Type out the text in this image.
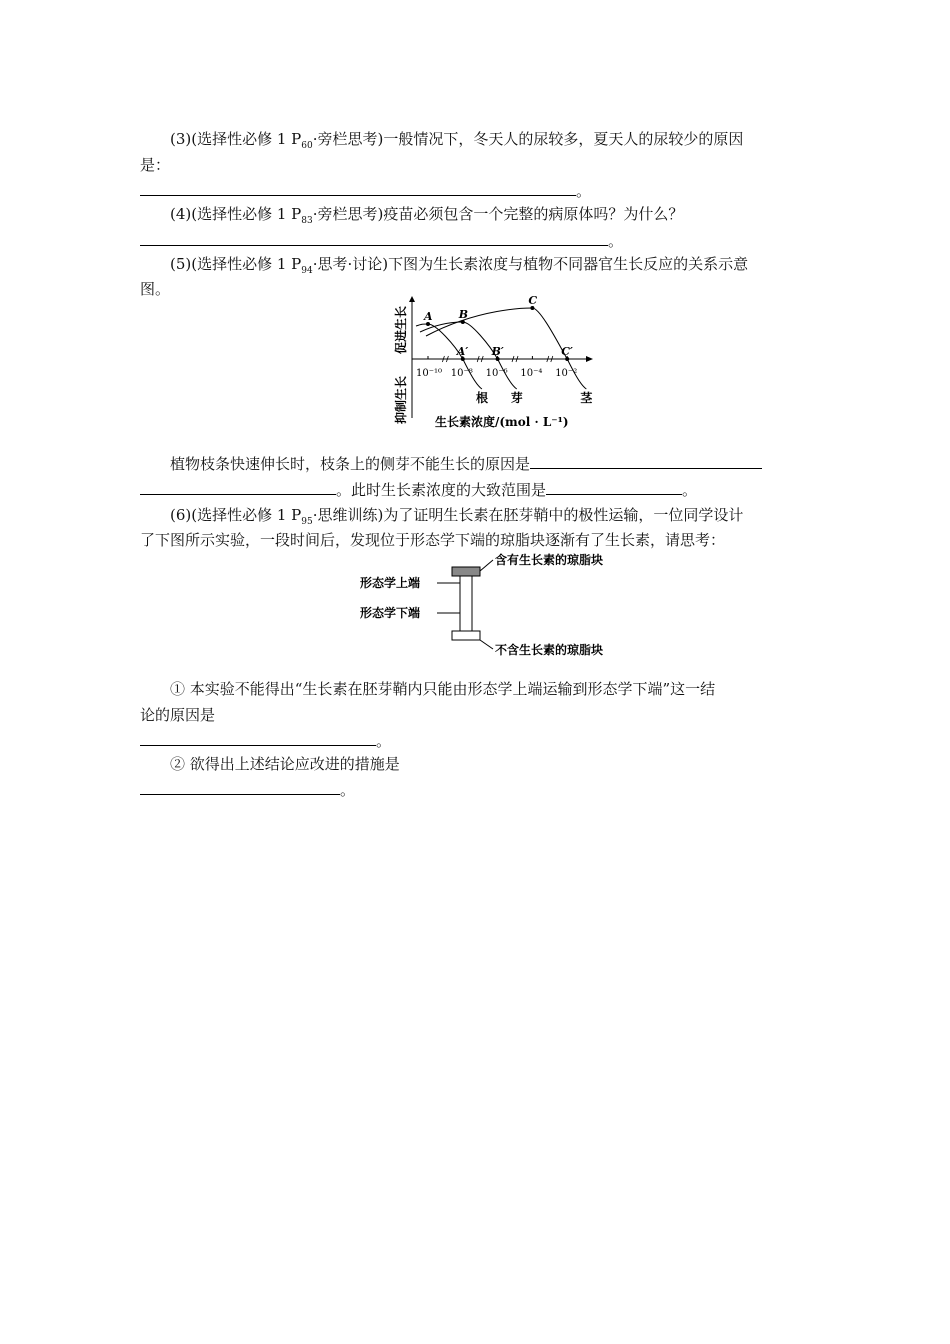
(3)(选择性必修 1 $P_{60}\cdot$旁栏思考)一般情况下，冬天人的尿较多，夏天人的尿较少的原因
是：
。
(4)(选择性必修 1 $P_{83}\cdot$旁栏思考)疫苗必须包含一个完整的病原体吗？为什么？
。
(5)(选择性必修 1 $P_{94}\cdot$思考·讨论)下图为生长素浓度与植物不同器官生长反应的关系示意
图。
10⁻¹⁰ 10⁻⁸ 10⁻⁶ 10⁻⁴ 10⁻²
A
A′
根
B
B′
芽
C
C′
茎
促进生长
抑制生长 生长素浓度/(mol · L⁻¹)
植物枝条快速伸长时，枝条上的侧芽不能生长的原因是
。此时生长素浓度的大致范围是	。
(6)(选择性必修 1 $P_{95}\cdot$思维训练)为了证明生长素在胚芽鞘中的极性运输，一位同学设计
了下图所示实验，一段时间后，发现位于形态学下端的琼脂块逐渐有了生长素，请思考：
含有生长素的琼脂块
形态学上端
形态学下端
不含生长素的琼脂块
① 本实验不能得出“生长素在胚芽鞘内只能由形态学上端运输到形态学下端”这一结
论的原因是
。
② 欲得出上述结论应改进的措施是
。
